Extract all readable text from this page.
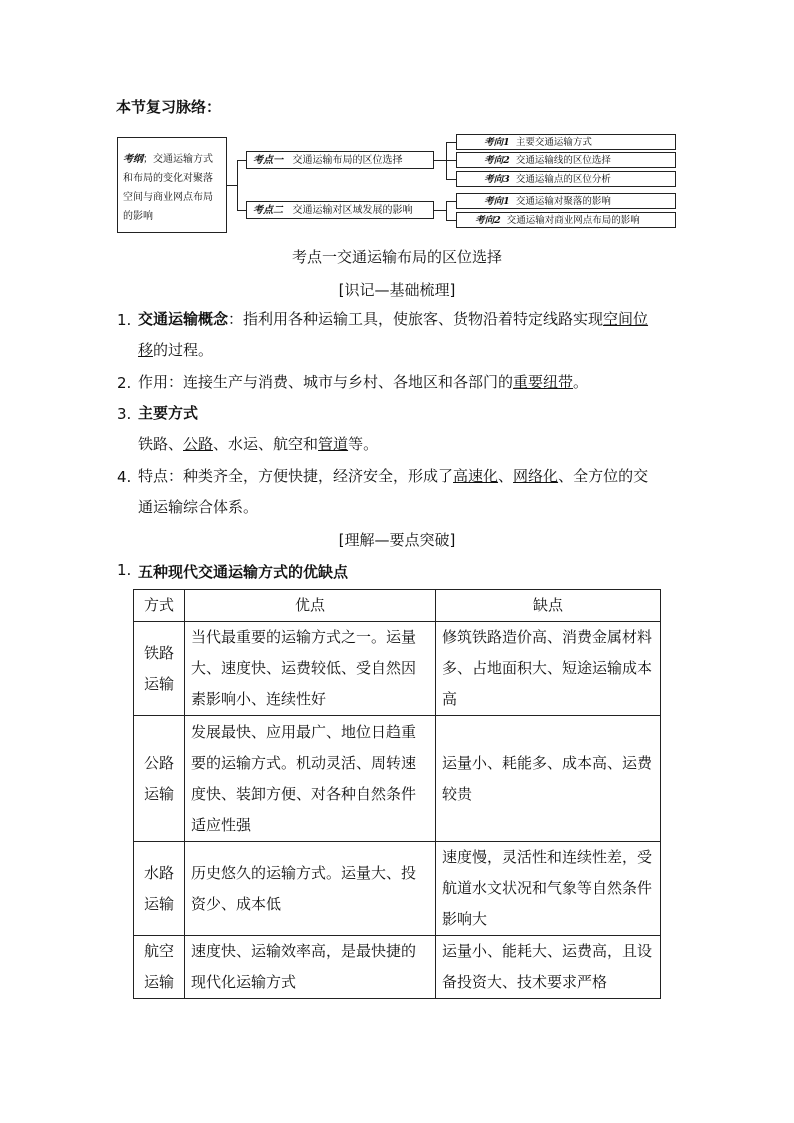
本节复习脉络：
考纲；交通运输方式和布局的变化对聚落空间与商业网点布局的影响
考点一 交通运输布局的区位选择
考点二 交通运输对区域发展的影响
考向1 主要交通运输方式
考向2 交通运输线的区位选择
考向3 交通运输点的区位分析
考向1 交通运输对聚落的影响
考向2 交通运输对商业网点布局的影响
考点一交通运输布局的区位选择
[识记—基础梳理]
1. 交通运输概念：指利用各种运输工具，使旅客、货物沿着特定线路实现空间位
移的过程。
2. 作用：连接生产与消费、城市与乡村、各地区和各部门的重要纽带。
3. 主要方式
铁路、公路、水运、航空和管道等。
4. 特点：种类齐全，方便快捷，经济安全，形成了高速化、网络化、全方位的交
通运输综合体系。
[理解—要点突破]
1. 五种现代交通运输方式的优缺点
方式	优点	缺点
铁路运输	当代最重要的运输方式之一。运量大、速度快、运费较低、受自然因素影响小、连续性好	修筑铁路造价高、消费金属材料多、占地面积大、短途运输成本高
公路运输	发展最快、应用最广、地位日趋重要的运输方式。机动灵活、周转速度快、装卸方便、对各种自然条件适应性强	运量小、耗能多、成本高、运费较贵
水路运输	历史悠久的运输方式。运量大、投资少、成本低	速度慢，灵活性和连续性差，受航道水文状况和气象等自然条件影响大
航空运输	速度快、运输效率高，是最快捷的现代化运输方式	运量小、能耗大、运费高，且设备投资大、技术要求严格
